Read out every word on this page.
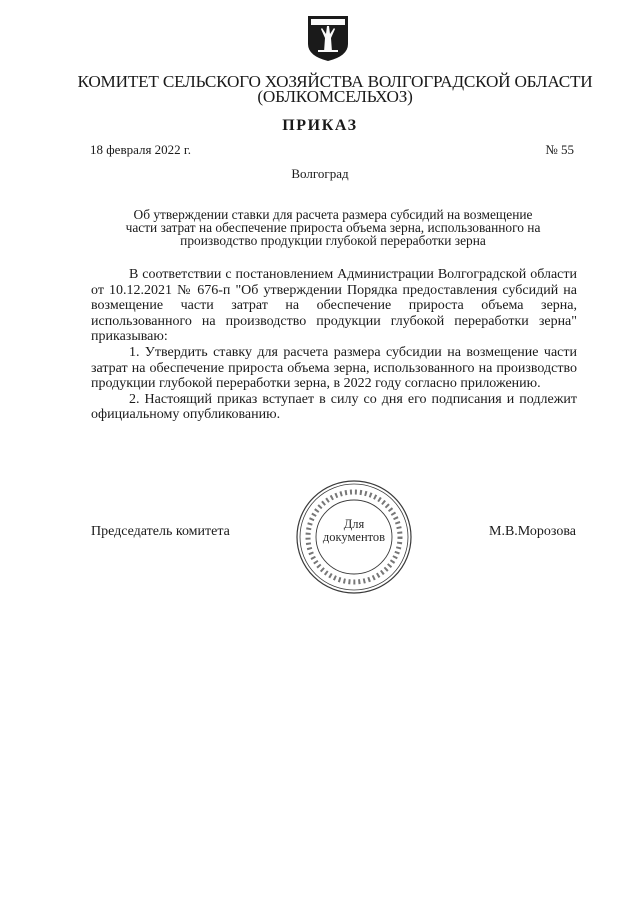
КОМИТЕТ СЕЛЬСКОГО ХОЗЯЙСТВА ВОЛГОГРАДСКОЙ ОБЛАСТИ
(ОБЛКОМСЕЛЬХОЗ)
ПРИКАЗ
18 февраля 2022 г.	№ 55
Волгоград
Об утверждении ставки для расчета размера субсидий на возмещение
части затрат на обеспечение прироста объема зерна, использованного на
производство продукции глубокой переработки зерна

В соответствии с постановлением Администрации Волгоградской области от 10.12.2021 № 676-п "Об утверждении Порядка предоставления субсидий на возмещение части затрат на обеспечение прироста объема зерна, использованного на производство продукции глубокой переработки зерна" приказываю:

1. Утвердить ставку для расчета размера субсидии на возмещение части затрат на обеспечение прироста объема зерна, использованного на производство продукции глубокой переработки зерна, в 2022 году согласно приложению.

2. Настоящий приказ вступает в силу со дня его подписания и подлежит официальному опубликованию.

Председатель комитета	Для
документов	М.В.Морозова
